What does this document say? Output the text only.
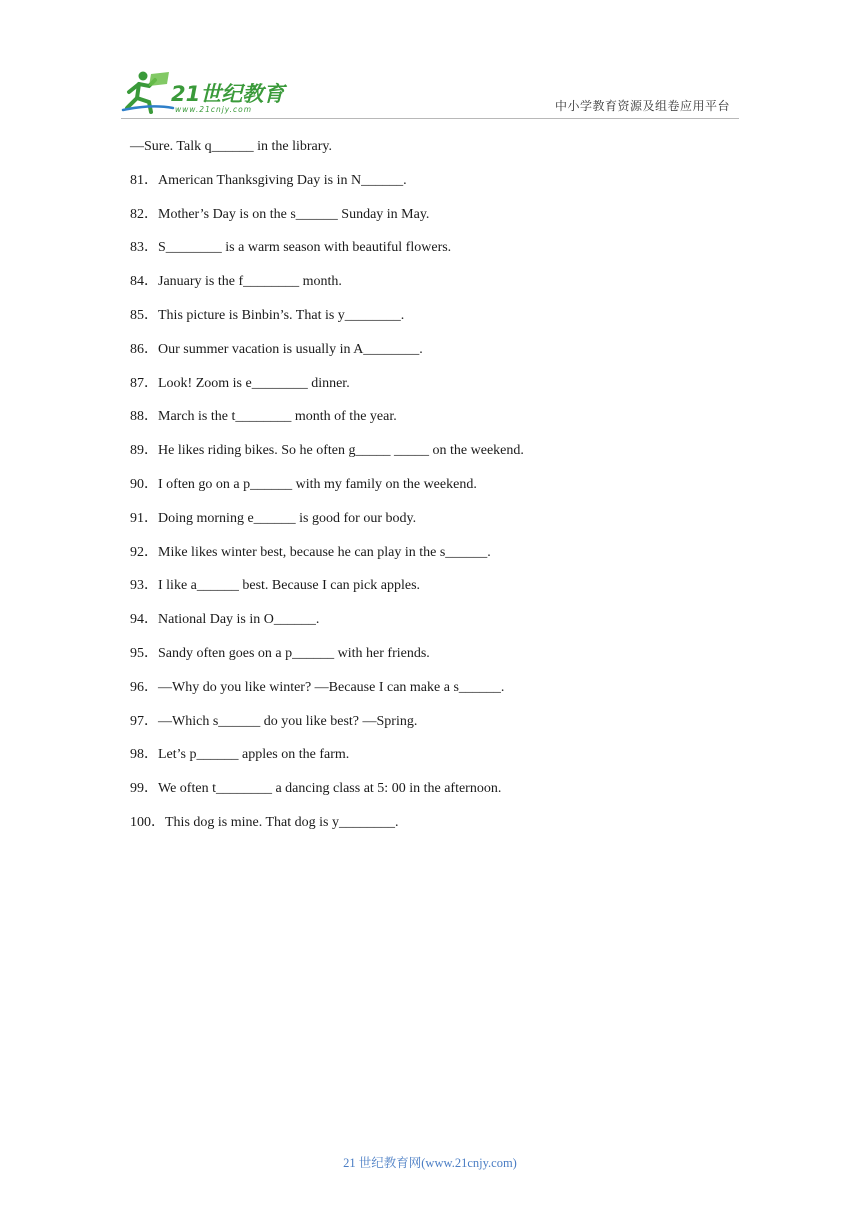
21世纪教育
www.21cnjy.com	中小学教育资源及组卷应用平台
—Sure. Talk q______ in the library.
81．American Thanksgiving Day is in N______.
82．Mother’s Day is on the s______ Sunday in May.
83．S________ is a warm season with beautiful flowers.
84．January is the f________ month.
85．This picture is Binbin’s. That is y________.
86．Our summer vacation is usually in A________.
87．Look! Zoom is e________ dinner.
88．March is the t________ month of the year.
89．He likes riding bikes. So he often g_____ _____ on the weekend.
90．I often go on a p______ with my family on the weekend.
91．Doing morning e______ is good for our body.
92．Mike likes winter best, because he can play in the s______.
93．I like a______ best. Because I can pick apples.
94．National Day is in O______.
95．Sandy often goes on a p______ with her friends.
96．—Why do you like winter? —Because I can make a s______.
97．—Which s______ do you like best? —Spring.
98．Let’s p______ apples on the farm.
99．We often t________ a dancing class at 5: 00 in the afternoon.
100．This dog is mine. That dog is y________.
21 世纪教育网(www.21cnjy.com)
